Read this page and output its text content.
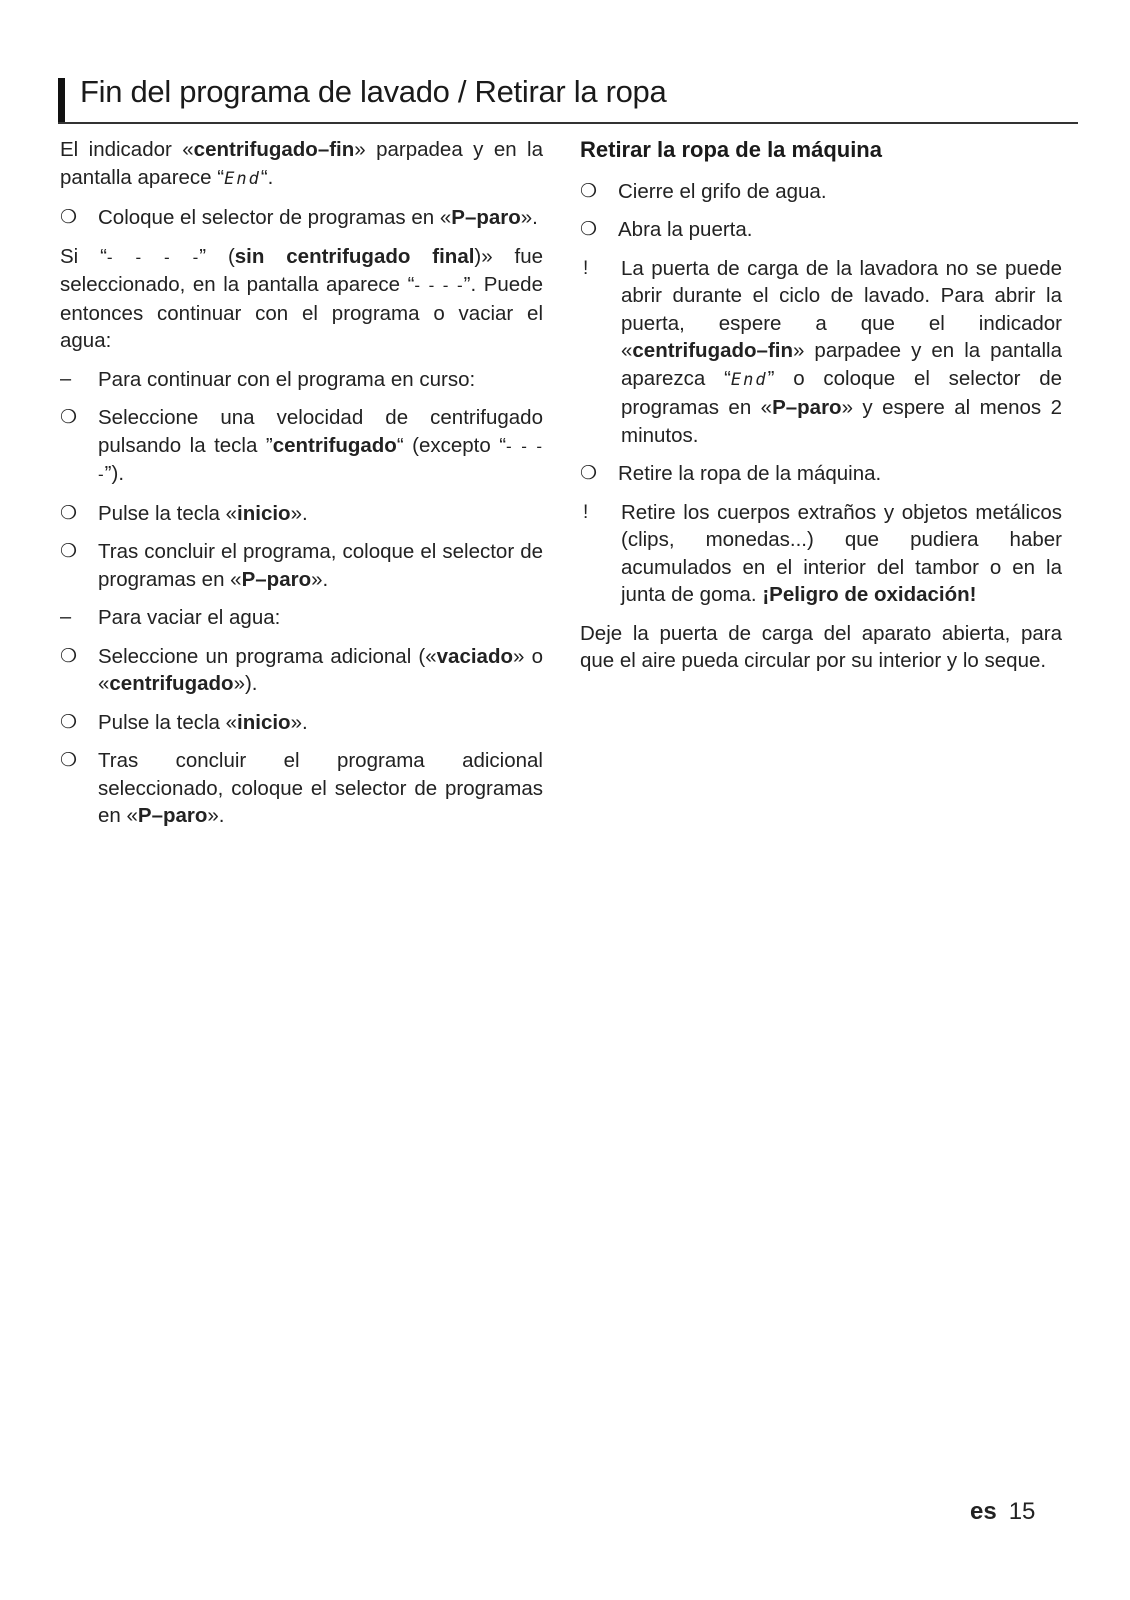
Fin del programa de lavado / Retirar la ropa

El indicador «centrifugado–fin» parpadea y en la pantalla aparece “End“.

❍	Coloque el selector de programas en «P–paro».

Si “- - - -” (sin centrifugado final)» fue seleccionado, en la pantalla aparece “- - - -”. Puede entonces continuar con el programa o vaciar el agua:

–	Para continuar con el programa en curso:
❍	Seleccione una velocidad de centrifugado pulsando la tecla ”centrifugado“ (excepto “- - - -”).
❍	Pulse la tecla «inicio».
❍	Tras concluir el programa, coloque el selector de programas en «P–paro».
–	Para vaciar el agua:
❍	Seleccione un programa adicional («vaciado» o «centrifugado»).
❍	Pulse la tecla «inicio».
❍	Tras concluir el programa adicional seleccionado, coloque el selector de programas en «P–paro».
Retirar la ropa de la máquina
❍	Cierre el grifo de agua.
❍	Abra la puerta.
!	La puerta de carga de la lavadora no se puede abrir durante el ciclo de lavado. Para abrir la puerta, espere a que el indicador «centrifugado–fin» parpadee y en la pantalla aparezca “End” o coloque el selector de programas en «P–paro» y espere al menos 2 minutos.
❍	Retire la ropa de la máquina.
!	Retire los cuerpos extraños y objetos metálicos (clips, monedas...) que pudiera haber acumulados en el interior del tambor o en la junta de goma. ¡Peligro de oxidación!

Deje la puerta de carga del aparato abierta, para que el aire pueda circular por su interior y lo seque.

es 15
